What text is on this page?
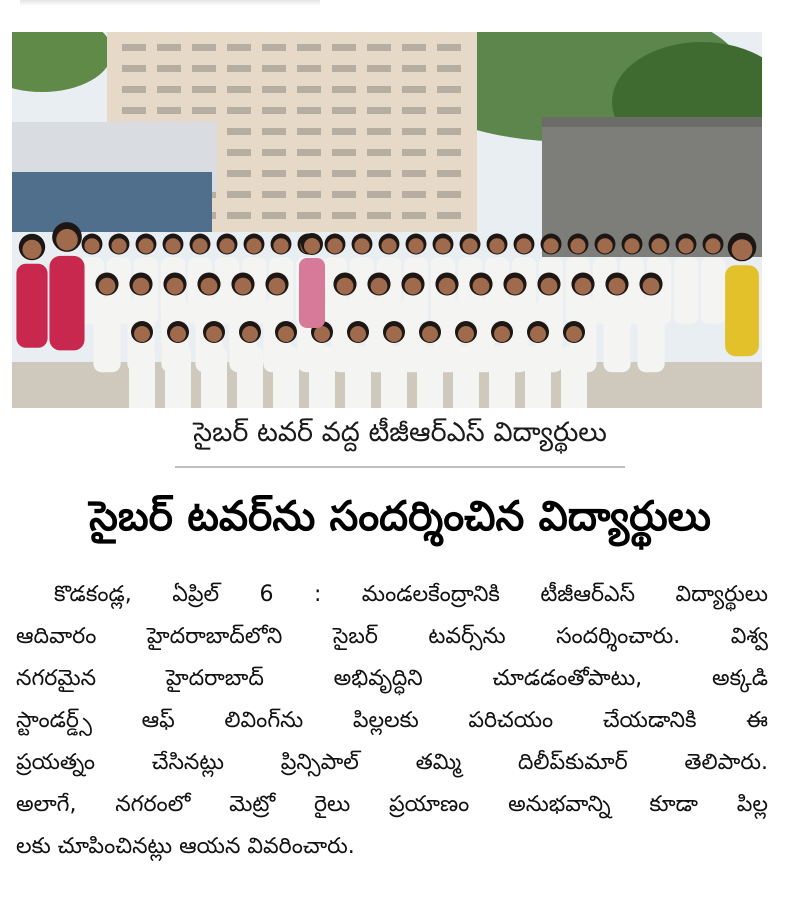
సైబర్ టవర్ వద్ద టీజీఆర్ఎస్ విద్యార్థులు
సైబర్ టవర్‌ను సందర్శించిన విద్యార్థులు
కొడకండ్ల, ఏప్రిల్ 6 : మండలకేంద్రానికి టీజీఆర్ఎస్ విద్యార్థులు
ఆదివారం హైదరాబాద్‌లోని సైబర్ టవర్స్‌ను సందర్శించారు. విశ్వ
నగరమైన హైదరాబాద్ అభివృద్ధిని చూడడంతోపాటు, అక్కడి
స్టాండర్డ్స్ ఆఫ్ లివింగ్‌ను పిల్లలకు పరిచయం చేయడానికి ఈ
ప్రయత్నం చేసినట్లు ప్రిన్సిపాల్ తమ్మి దిలీప్‌కుమార్ తెలిపారు.
అలాగే, నగరంలో మెట్రో రైలు ప్రయాణం అనుభవాన్ని కూడా పిల్ల
లకు చూపించినట్లు ఆయన వివరించారు.
